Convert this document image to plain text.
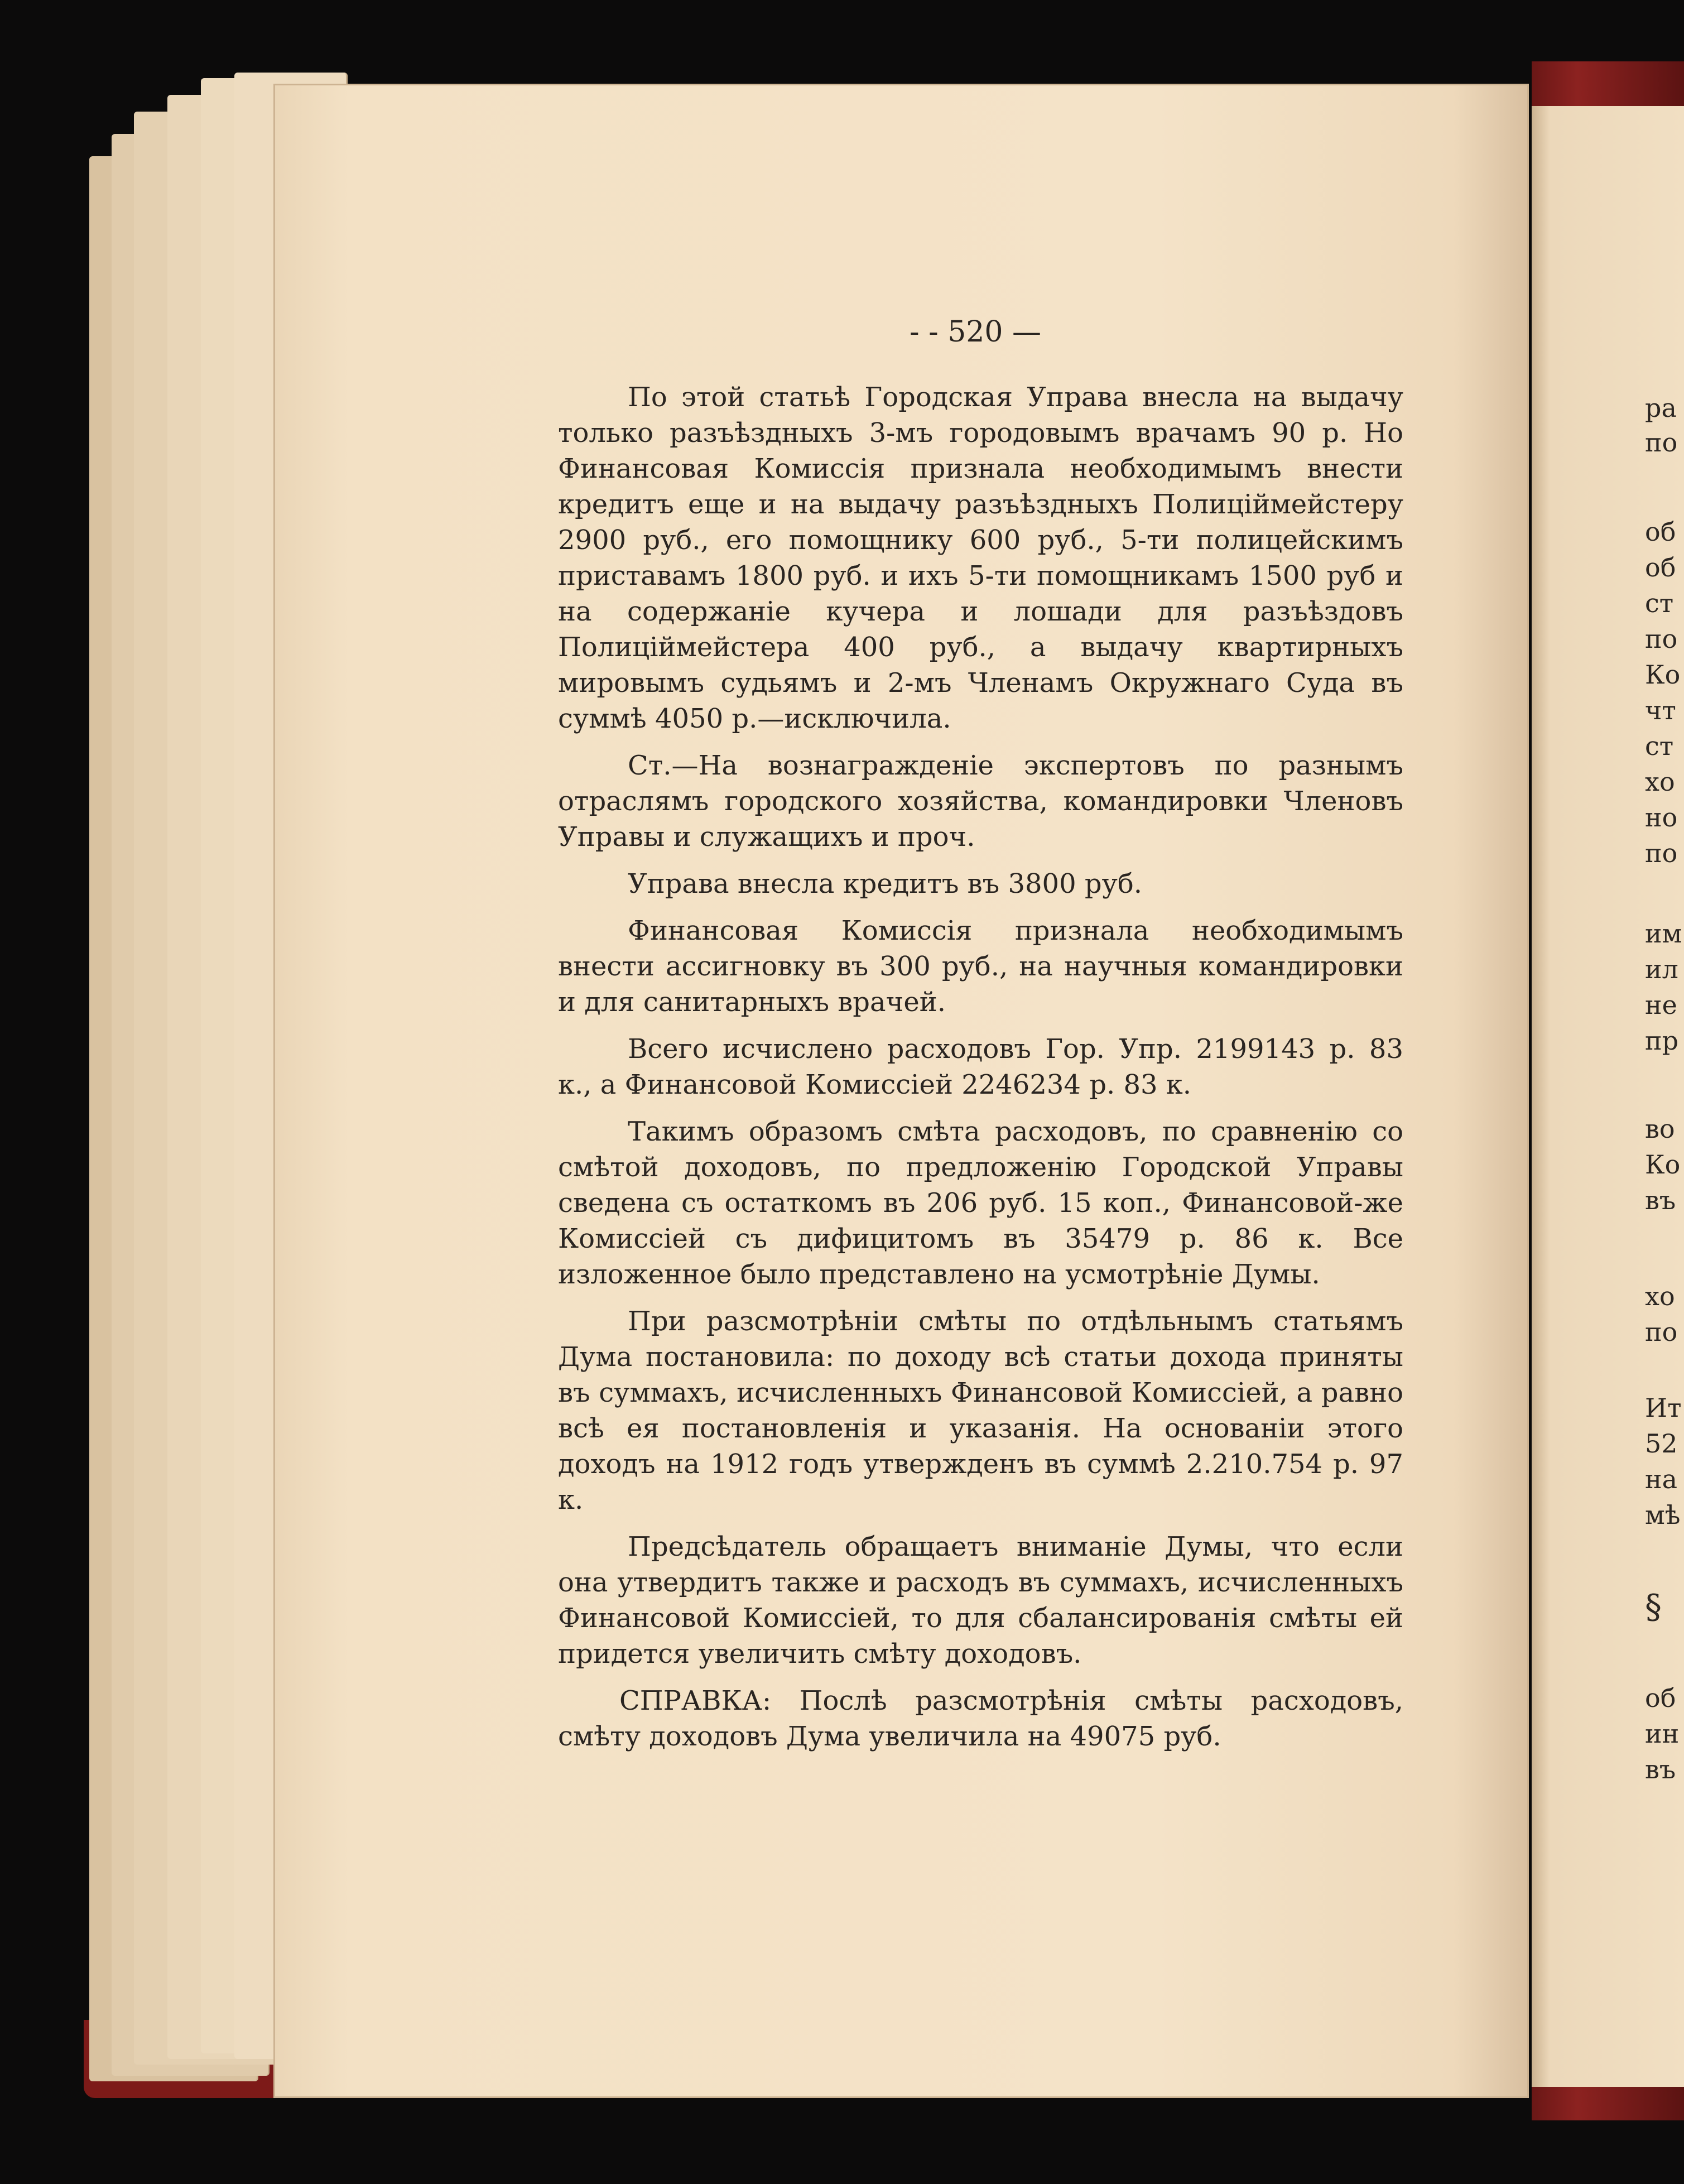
- - 520 —

По этой статьѣ Городская Управа внесла на выдачу только разъѣздныхъ 3-мъ городовымъ врачамъ 90 р. Но Финансовая Комиссія признала необходимымъ внести кредитъ еще и на выдачу разъѣздныхъ Полиціймейстеру 2900 руб., его помощнику 600 руб., 5-ти полицейскимъ приставамъ 1800 руб. и ихъ 5-ти помощникамъ 1500 руб и на содержаніе кучера и лошади для разъѣздовъ Полиціймейстера 400 руб., а выдачу квартирныхъ мировымъ судьямъ и 2-мъ Членамъ Окружнаго Суда въ суммѣ 4050 р.—исключила.

Ст.—На вознагражденіе экспертовъ по разнымъ отраслямъ городского хозяйства, командировки Членовъ Управы и служащихъ и проч.

Управа внесла кредитъ въ 3800 руб.

Финансовая Комиссія признала необходимымъ внести ассигновку въ 300 руб., на научныя командировки и для санитарныхъ врачей.

Всего исчислено расходовъ Гор. Упр. 2199143 р. 83 к., а Финансовой Комиссіей 2246234 р. 83 к.

Такимъ образомъ смѣта расходовъ, по сравненію со смѣтой доходовъ, по предложенію Городской Управы сведена съ остаткомъ въ 206 руб. 15 коп., Финансовой-же Комиссіей съ дифицитомъ въ 35479 р. 86 к. Все изложенное было представлено на усмотрѣніе Думы.

При разсмотрѣніи смѣты по отдѣльнымъ статьямъ Дума постановила: по доходу всѣ статьи дохода приняты въ суммахъ, исчисленныхъ Финансовой Комиссіей, а равно всѣ ея постановленія и указанія. На основаніи этого доходъ на 1912 годъ утвержденъ въ суммѣ 2.210.754 р. 97 к.

Предсѣдатель обращаетъ вниманіе Думы, что если она утвердитъ также и расходъ въ суммахъ, исчисленныхъ Финансовой Комиссіей, то для сбалансированія смѣты ей придется увеличить смѣту доходовъ.

СПРАВКА: Послѣ разсмотрѣнія смѣты расходовъ, смѣту доходовъ Дума увеличила на 49075 руб.

ра
по
об
об
ст
по
Ко
чт
ст
хо
но
по
им
ил
не
пр
во
Ко
въ
хо
по
Ит
52
на
мѣ
§
об
ин
въ
